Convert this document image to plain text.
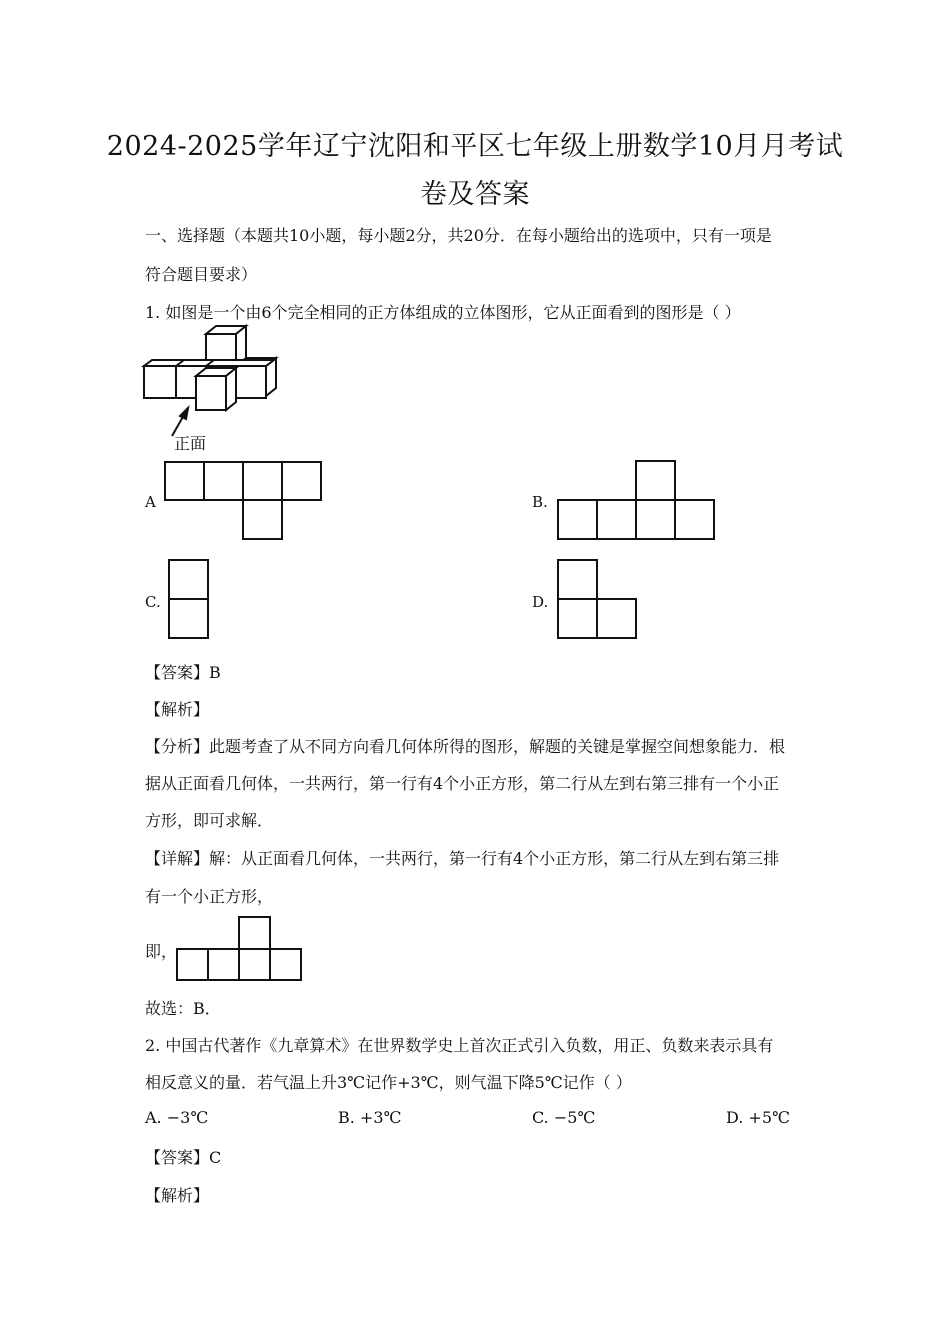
2024-2025学年辽宁沈阳和平区七年级上册数学10月月考试
卷及答案
一、选择题（本题共10小题，每小题2分，共20分．在每小题给出的选项中，只有一项是
符合题目要求）
1. 如图是一个由6个完全相同的正方体组成的立体图形，它从正面看到的图形是（ ）
正面
A	B.
C.	D.
【答案】B
【解析】
【分析】此题考查了从不同方向看几何体所得的图形，解题的关键是掌握空间想象能力．根
据从正面看几何体，一共两行，第一行有4个小正方形，第二行从左到右第三排有一个小正
方形，即可求解．
【详解】解：从正面看几何体，一共两行，第一行有4个小正方形，第二行从左到右第三排
有一个小正方形，
即，
故选：B．
2. 中国古代著作《九章算术》在世界数学史上首次正式引入负数，用正、负数来表示具有
相反意义的量．若气温上升3℃记作+3℃，则气温下降5℃记作（ ）
A. −3℃	B. +3℃	C. −5℃	D. +5℃
【答案】C
【解析】
